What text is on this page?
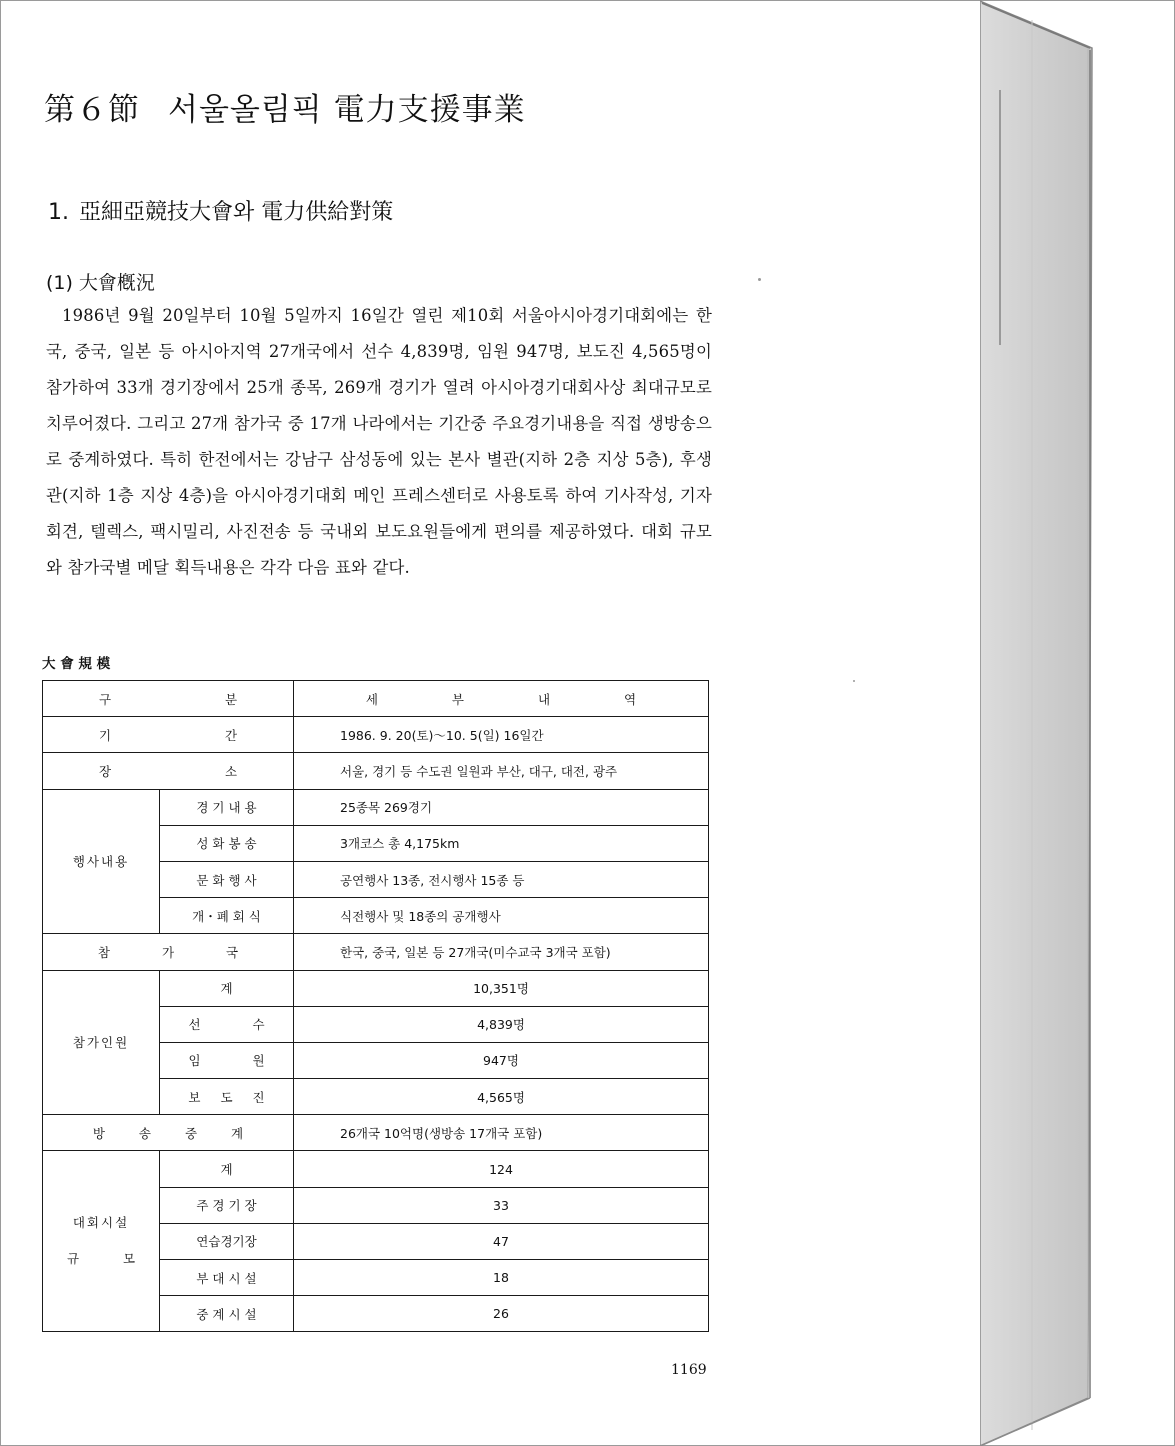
第６節 서울올림픽 電力支援事業
1. 亞細亞競技大會와 電力供給對策
(1) 大會槪況

1986년 9월 20일부터 10월 5일까지 16일간 열린 제10회 서울아시아경기대회에는 한국, 중국, 일본 등 아시아지역 27개국에서 선수 4,839명, 임원 947명, 보도진 4,565명이 참가하여 33개 경기장에서 25개 종목, 269개 경기가 열려 아시아경기대회사상 최대규모로 치루어졌다. 그리고 27개 참가국 중 17개 나라에서는 기간중 주요경기내용을 직접 생방송으로 중계하였다. 특히 한전에서는 강남구 삼성동에 있는 본사 별관(지하 2층 지상 5층), 후생관(지하 1층 지상 4층)을 아시아경기대회 메인 프레스센터로 사용토록 하여 기사작성, 기자회견, 텔렉스, 팩시밀리, 사진전송 등 국내외 보도요원들에게 편의를 제공하였다. 대회 규모와 참가국별 메달 획득내용은 각각 다음 표와 같다.

大 會 規 模
구 분		세 부 내 역
기 간		1986. 9. 20(토)～10. 5(일) 16일간
장 소		서울, 경기 등 수도권 일원과 부산, 대구, 대전, 광주
행사내용	경 기 내 용	25종목 269경기
	성 화 봉 송	3개코스 총 4,175km
	문 화 행 사	공연행사 13종, 전시행사 15종 등
	개・폐 회 식	식전행사 및 18종의 공개행사
참 가 국		한국, 중국, 일본 등 27개국(미수교국 3개국 포함)
참가인원	계	10,351명
	선 수	4,839명
	임 원	947명
	보 도 진	4,565명
방 송 중 계		26개국 10억명(생방송 17개국 포함)
대회시설
규 모	계	124
	주 경 기 장	33
	연습경기장	47
	부 대 시 설	18
	중 계 시 설	26
1169
